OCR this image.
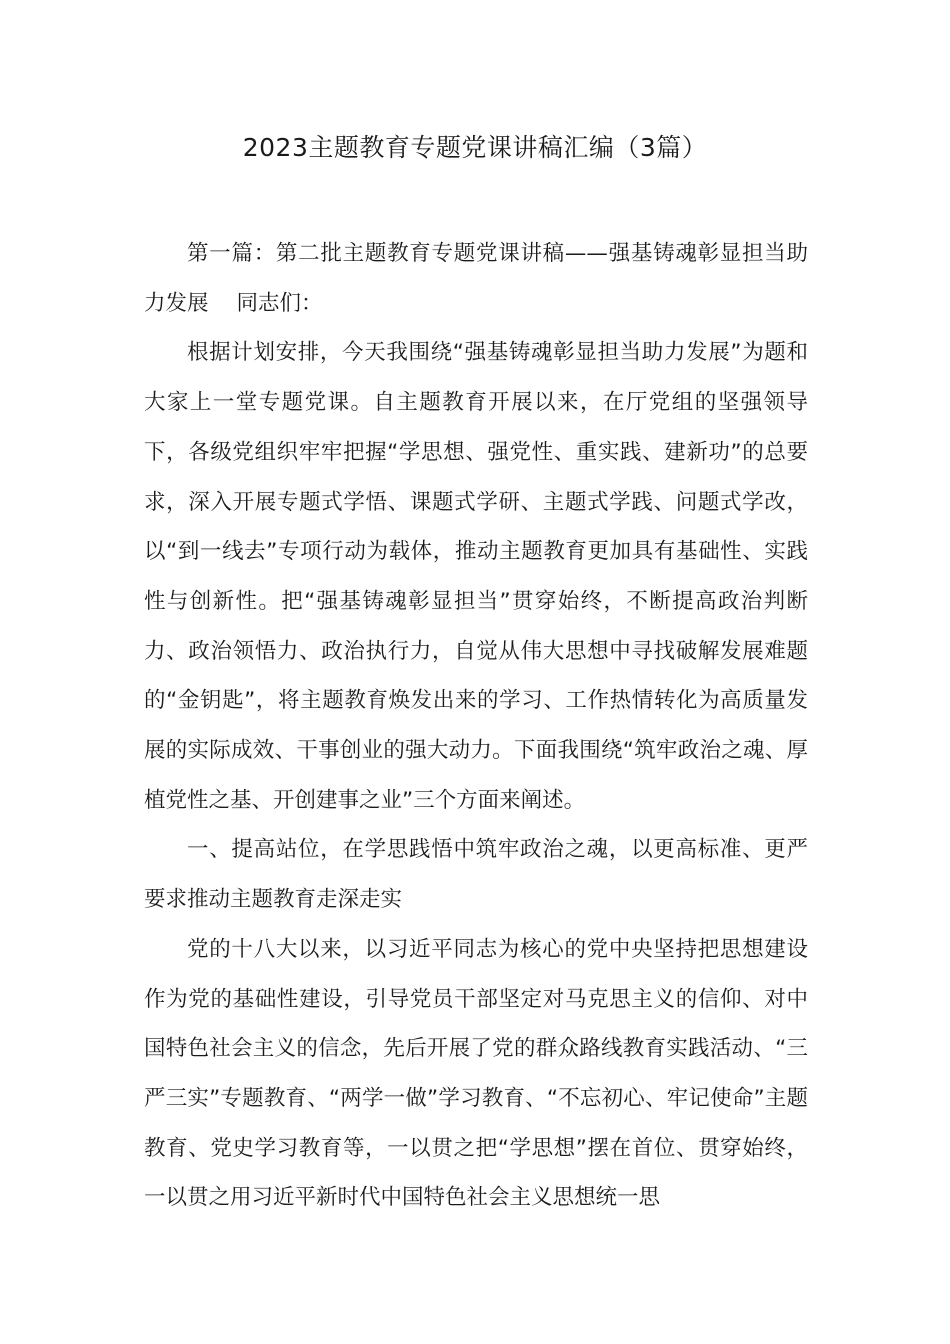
2023主题教育专题党课讲稿汇编（3篇）

第一篇：第二批主题教育专题党课讲稿——强基铸魂彰显担当助力发展 同志们：

根据计划安排，今天我围绕“强基铸魂彰显担当助力发展”为题和大家上一堂专题党课。自主题教育开展以来，在厅党组的坚强领导下，各级党组织牢牢把握“学思想、强党性、重实践、建新功”的总要求，深入开展专题式学悟、课题式学研、主题式学践、问题式学改，以“到一线去”专项行动为载体，推动主题教育更加具有基础性、实践性与创新性。把“强基铸魂彰显担当”贯穿始终，不断提高政治判断力、政治领悟力、政治执行力，自觉从伟大思想中寻找破解发展难题的“金钥匙”，将主题教育焕发出来的学习、工作热情转化为高质量发展的实际成效、干事创业的强大动力。下面我围绕“筑牢政治之魂、厚植党性之基、开创建事之业”三个方面来阐述。

一、提高站位，在学思践悟中筑牢政治之魂，以更高标准、更严要求推动主题教育走深走实

党的十八大以来，以习近平同志为核心的党中央坚持把思想建设作为党的基础性建设，引导党员干部坚定对马克思主义的信仰、对中国特色社会主义的信念，先后开展了党的群众路线教育实践活动、“三严三实”专题教育、“两学一做”学习教育、“不忘初心、牢记使命”主题教育、党史学习教育等，一以贯之把“学思想”摆在首位、贯穿始终，一以贯之用习近平新时代中国特色社会主义思想统一思
